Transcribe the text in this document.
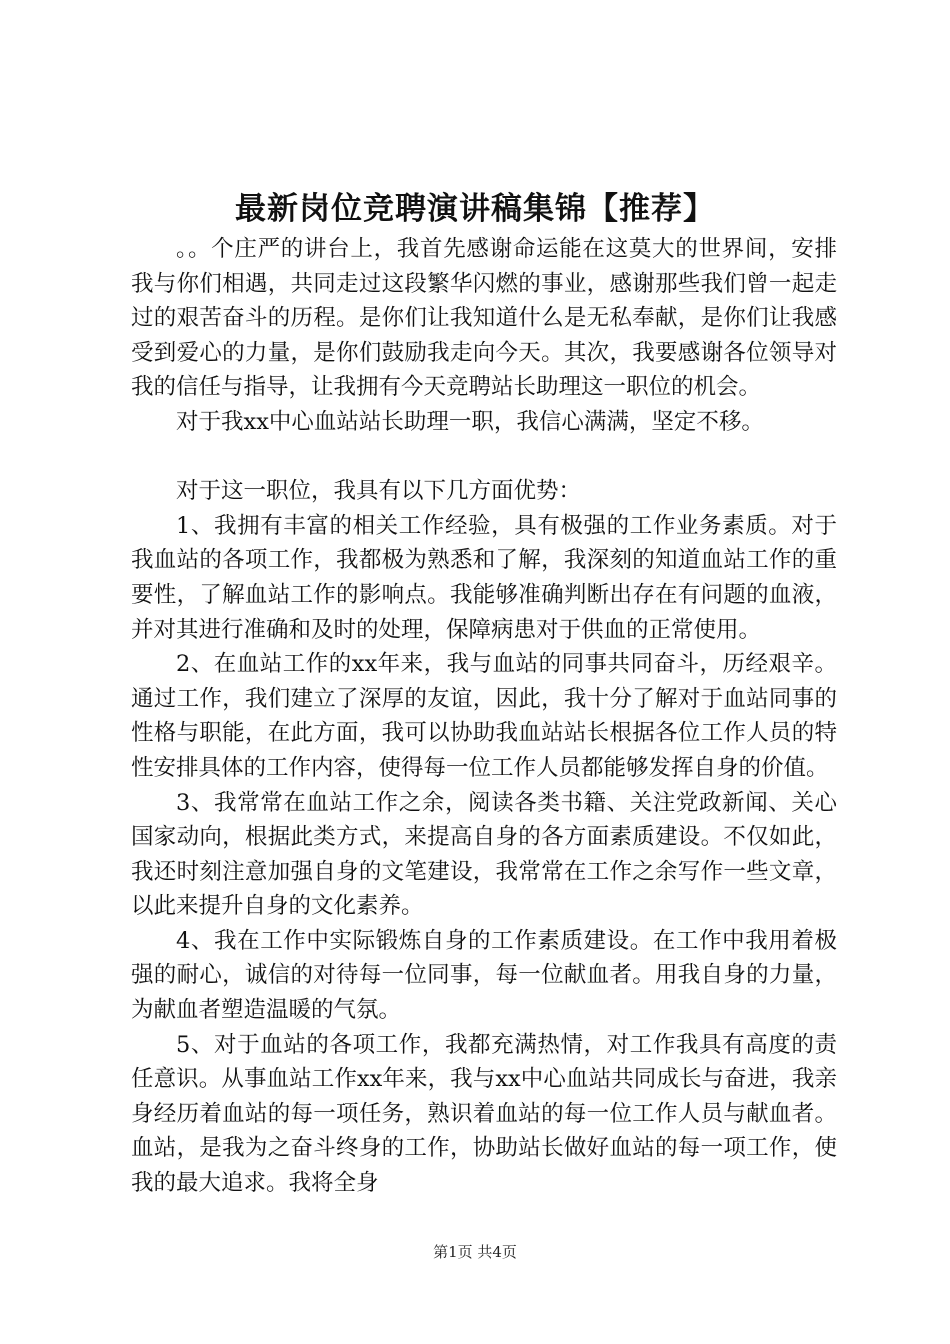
最新岗位竞聘演讲稿集锦【推荐】

。。个庄严的讲台上，我首先感谢命运能在这莫大的世界间，安排我与你们相遇，共同走过这段繁华闪燃的事业，感谢那些我们曾一起走过的艰苦奋斗的历程。是你们让我知道什么是无私奉献，是你们让我感受到爱心的力量，是你们鼓励我走向今天。其次，我要感谢各位领导对我的信任与指导，让我拥有今天竞聘站长助理这一职位的机会。

对于我xx中心血站站长助理一职，我信心满满，坚定不移。

对于这一职位，我具有以下几方面优势：

1、我拥有丰富的相关工作经验，具有极强的工作业务素质。对于我血站的各项工作，我都极为熟悉和了解，我深刻的知道血站工作的重要性，了解血站工作的影响点。我能够准确判断出存在有问题的血液，并对其进行准确和及时的处理，保障病患对于供血的正常使用。

2、在血站工作的xx年来，我与血站的同事共同奋斗，历经艰辛。通过工作，我们建立了深厚的友谊，因此，我十分了解对于血站同事的性格与职能，在此方面，我可以协助我血站站长根据各位工作人员的特性安排具体的工作内容，使得每一位工作人员都能够发挥自身的价值。

3、我常常在血站工作之余，阅读各类书籍、关注党政新闻、关心国家动向，根据此类方式，来提高自身的各方面素质建设。不仅如此，我还时刻注意加强自身的文笔建设，我常常在工作之余写作一些文章，以此来提升自身的文化素养。

4、我在工作中实际锻炼自身的工作素质建设。在工作中我用着极强的耐心，诚信的对待每一位同事，每一位献血者。用我自身的力量，为献血者塑造温暖的气氛。

5、对于血站的各项工作，我都充满热情，对工作我具有高度的责任意识。从事血站工作xx年来，我与xx中心血站共同成长与奋进，我亲身经历着血站的每一项任务，熟识着血站的每一位工作人员与献血者。血站，是我为之奋斗终身的工作，协助站长做好血站的每一项工作，使我的最大追求。我将全身

第1页 共4页
